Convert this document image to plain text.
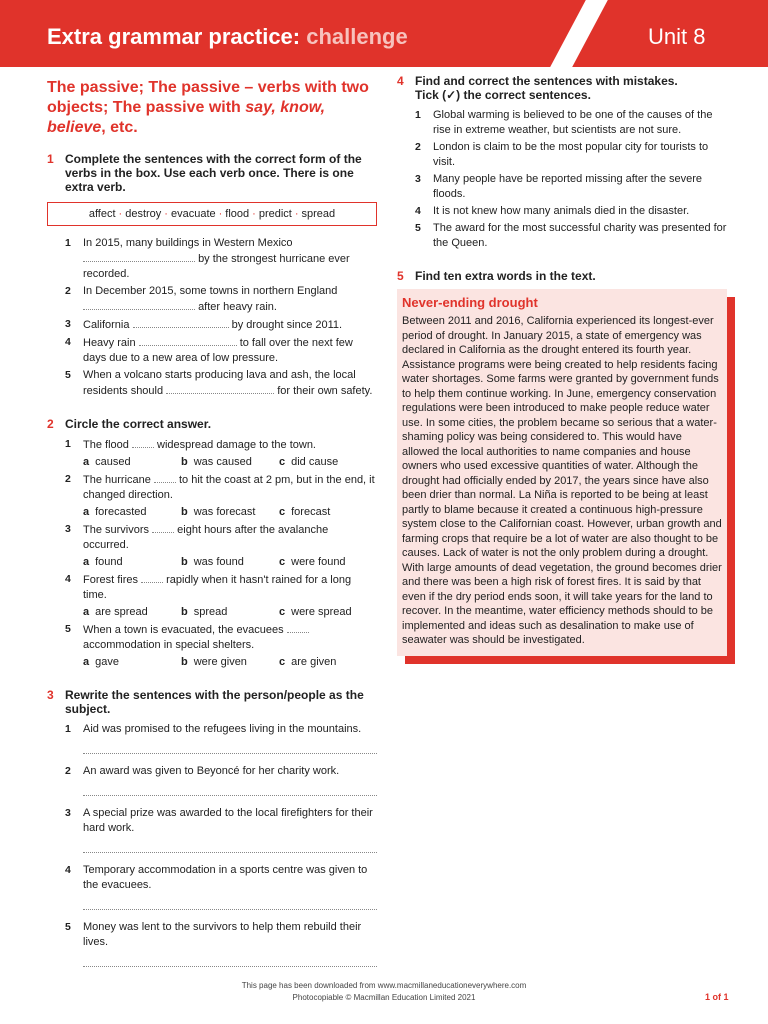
Extra grammar practice: challenge	Unit 8
The passive; The passive – verbs with two objects; The passive with say, know, believe, etc.
1 Complete the sentences with the correct form of the verbs in the box. Use each verb once. There is one extra verb.
affect · destroy · evacuate · flood · predict · spread
1 In 2015, many buildings in Western Mexico  by the strongest hurricane ever recorded.
2 In December 2015, some towns in northern England  after heavy rain.
3 California	by drought since 2011.
4 Heavy rain	to fall over the next few days due to a new area of low pressure.
5 When a volcano starts producing lava and ash, the local residents should	for their own safety.
2 Circle the correct answer.
1 The flood	widespread damage to the town.
a caused	b was caused	c did cause
2 The hurricane	to hit the coast at 2 pm, but in the end, it changed direction.
a forecasted	b was forecast	c forecast
3 The survivors	eight hours after the avalanche occurred.
a found	b was found	c were found
4 Forest fires	rapidly when it hasn't rained for a long time.
a are spread	b spread	c were spread
5 When a town is evacuated, the evacuees  accommodation in special shelters.
a gave	b were given	c are given
3 Rewrite the sentences with the person/people as the subject.
1 Aid was promised to the refugees living in the mountains.
2 An award was given to Beyoncé for her charity work.
3 A special prize was awarded to the local firefighters for their hard work.
4 Temporary accommodation in a sports centre was given to the evacuees.
5 Money was lent to the survivors to help them rebuild their lives.
4 Find and correct the sentences with mistakes.
Tick (✓) the correct sentences.
1 Global warming is believed to be one of the causes of the rise in extreme weather, but scientists are not sure.
2 London is claim to be the most popular city for tourists to visit.
3 Many people have be reported missing after the severe floods.
4 It is not knew how many animals died in the disaster.
5 The award for the most successful charity was presented for the Queen.
5 Find ten extra words in the text.
Never-ending drought
Between 2011 and 2016, California experienced its longest-ever period of drought. In January 2015, a state of emergency was declared in California as the drought entered its fourth year. Assistance programs were being created to help residents facing water shortages. Some farms were granted by government funds to help them continue working. In June, emergency conservation regulations were been introduced to make people reduce water use. In some cities, the problem became so serious that a water-shaming policy was being considered to. This would have allowed the local authorities to name companies and house owners who used excessive quantities of water. Although the drought had officially ended by 2017, the years since have also been drier than normal. La Niña is reported to be being at least partly to blame because it created a continuous high-pressure system close to the Californian coast. However, urban growth and farming crops that require be a lot of water are also thought to be causes. Lack of water is not the only problem during a drought. With large amounts of dead vegetation, the ground becomes drier and there was been a high risk of forest fires. It is said by that even if the dry period ends soon, it will take years for the land to recover. In the meantime, water efficiency methods should to be implemented and ideas such as desalination to make use of seawater was should be investigated.
This page has been downloaded from www.macmillaneducationeverywhere.com
Photocopiable © Macmillan Education Limited 2021	1 of 1
